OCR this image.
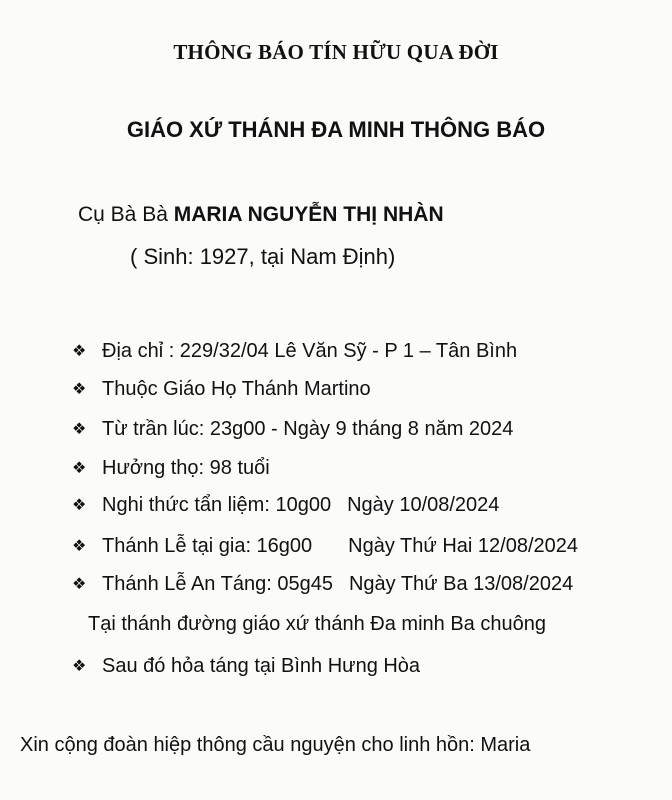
THÔNG BÁO TÍN HỮU QUA ĐỜI
GIÁO XỨ THÁNH ĐA MINH THÔNG BÁO
Cụ Bà Bà MARIA NGUYỄN THỊ NHÀN
( Sinh: 1927, tại Nam Định)
❖
Địa chỉ : 229/32/04 Lê Văn Sỹ - P 1 – Tân Bình
❖
Thuộc Giáo Họ Thánh Martino
❖
Từ trần lúc: 23g00 - Ngày 9 tháng 8 năm 2024
❖
Hưởng thọ: 98 tuổi
❖
Nghi thức tẩn liệm: 10g00 Ngày 10/08/2024
❖
Thánh Lễ tại gia: 16g00 Ngày Thứ Hai 12/08/2024
❖
Thánh Lễ An Táng: 05g45 Ngày Thứ Ba 13/08/2024
Tại thánh đường giáo xứ thánh Đa minh Ba chuông
❖
Sau đó hỏa táng tại Bình Hưng Hòa
Xin cộng đoàn hiệp thông cầu nguyện cho linh hồn: Maria
